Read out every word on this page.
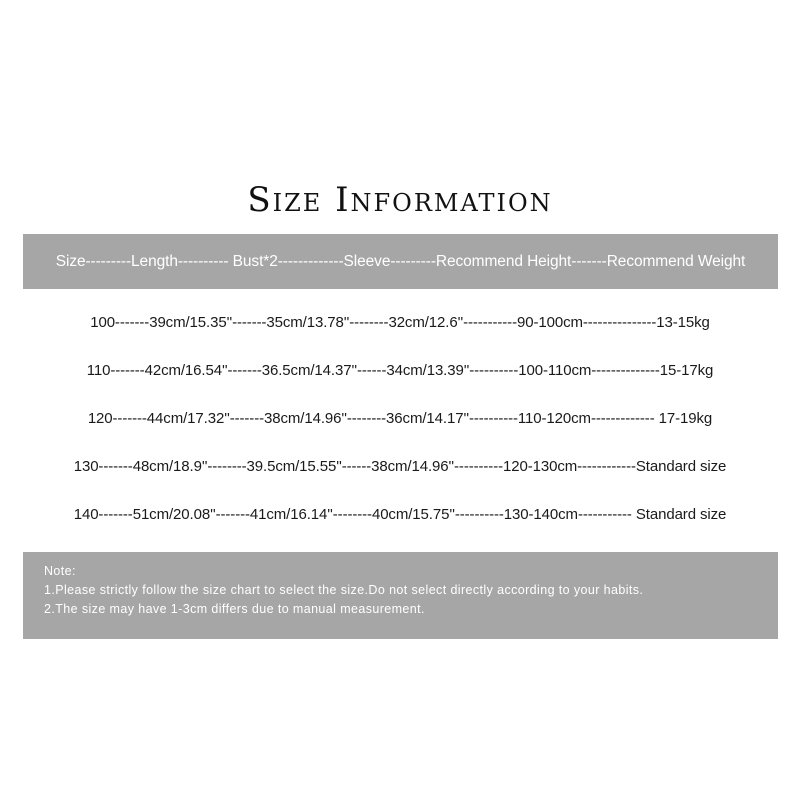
Size Information
Size---------Length---------- Bust*2-------------Sleeve---------Recommend Height-------Recommend Weight
100-------39cm/15.35''-------35cm/13.78''--------32cm/12.6''-----------90-100cm---------------13-15kg
110-------42cm/16.54''-------36.5cm/14.37''------34cm/13.39''----------100-110cm--------------15-17kg
120-------44cm/17.32''-------38cm/14.96''--------36cm/14.17''----------110-120cm------------- 17-19kg
130-------48cm/18.9''--------39.5cm/15.55''------38cm/14.96''----------120-130cm------------Standard size
140-------51cm/20.08''-------41cm/16.14''--------40cm/15.75''----------130-140cm----------- Standard size
Note:
1.Please strictly follow the size chart to select the size.Do not select directly according to your habits.
2.The size may have 1-3cm differs due to manual measurement.
